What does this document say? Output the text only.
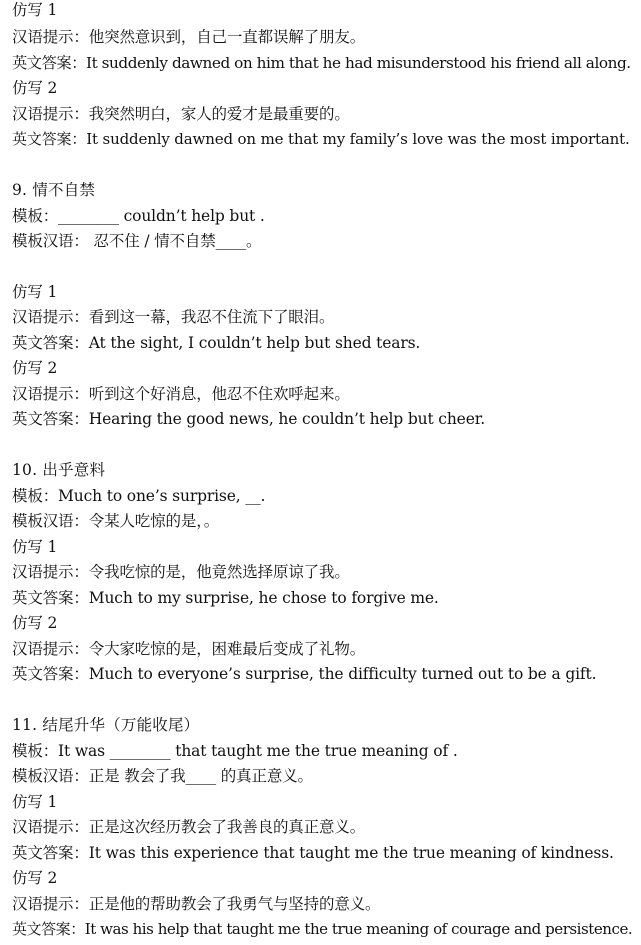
仿写 1
汉语提示：他突然意识到，自己一直都误解了朋友。
英文答案：It suddenly dawned on him that he had misunderstood his friend all along.
仿写 2
汉语提示：我突然明白，家人的爱才是最重要的。
英文答案：It suddenly dawned on me that my family’s love was the most important.
9. 情不自禁
模板：________ couldn’t help but .
模板汉语： 忍不住 / 情不自禁____。
仿写 1
汉语提示：看到这一幕，我忍不住流下了眼泪。
英文答案：At the sight, I couldn’t help but shed tears.
仿写 2
汉语提示：听到这个好消息，他忍不住欢呼起来。
英文答案：Hearing the good news, he couldn’t help but cheer.
10. 出乎意料
模板：Much to one’s surprise, __.
模板汉语：令某人吃惊的是，。
仿写 1
汉语提示：令我吃惊的是，他竟然选择原谅了我。
英文答案：Much to my surprise, he chose to forgive me.
仿写 2
汉语提示：令大家吃惊的是，困难最后变成了礼物。
英文答案：Much to everyone’s surprise, the difficulty turned out to be a gift.
11. 结尾升华（万能收尾）
模板：It was ________ that taught me the true meaning of .
模板汉语：正是 教会了我____ 的真正意义。
仿写 1
汉语提示：正是这次经历教会了我善良的真正意义。
英文答案：It was this experience that taught me the true meaning of kindness.
仿写 2
汉语提示：正是他的帮助教会了我勇气与坚持的意义。
英文答案：It was his help that taught me the true meaning of courage and persistence.
